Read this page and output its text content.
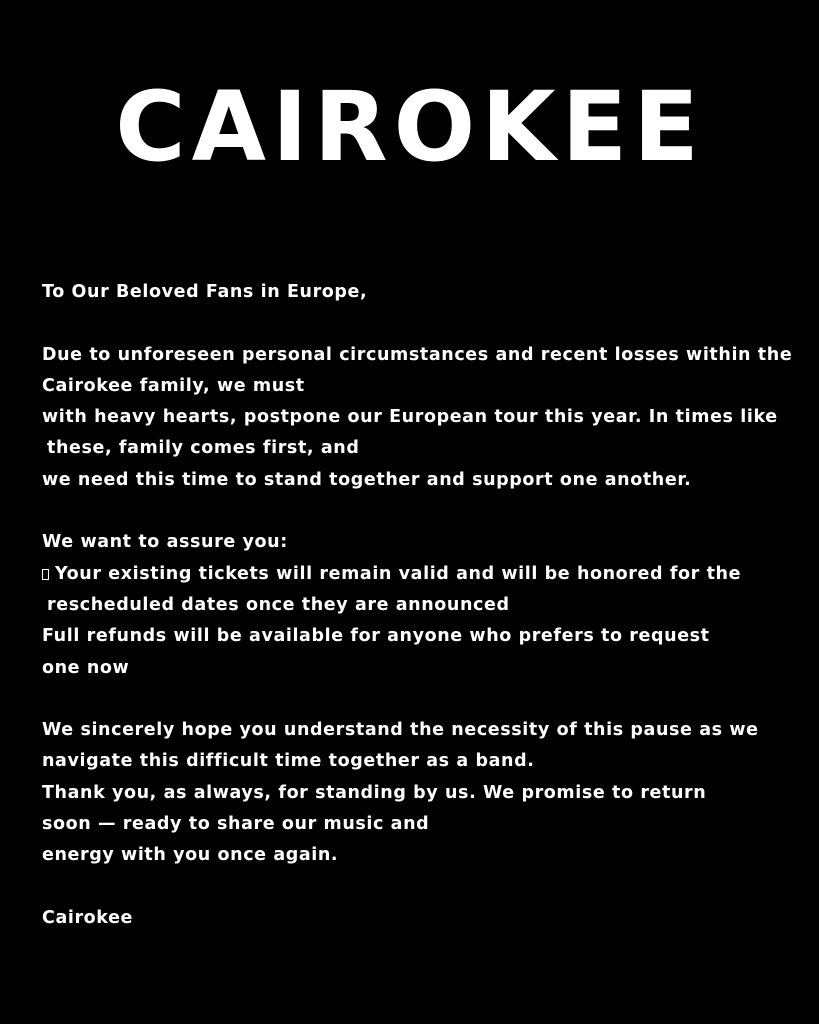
CAIROKEE
To Our Beloved Fans in Europe,
Due to unforeseen personal circumstances and recent losses within the
Cairokee family, we must
with heavy hearts, postpone our European tour this year. In times like
these, family comes first, and
we need this time to stand together and support one another.
We want to assure you:
Your existing tickets will remain valid and will be honored for the
rescheduled dates once they are announced
Full refunds will be available for anyone who prefers to request
one now
We sincerely hope you understand the necessity of this pause as we
navigate this difficult time together as a band.
Thank you, as always, for standing by us. We promise to return
soon — ready to share our music and
energy with you once again.
Cairokee
